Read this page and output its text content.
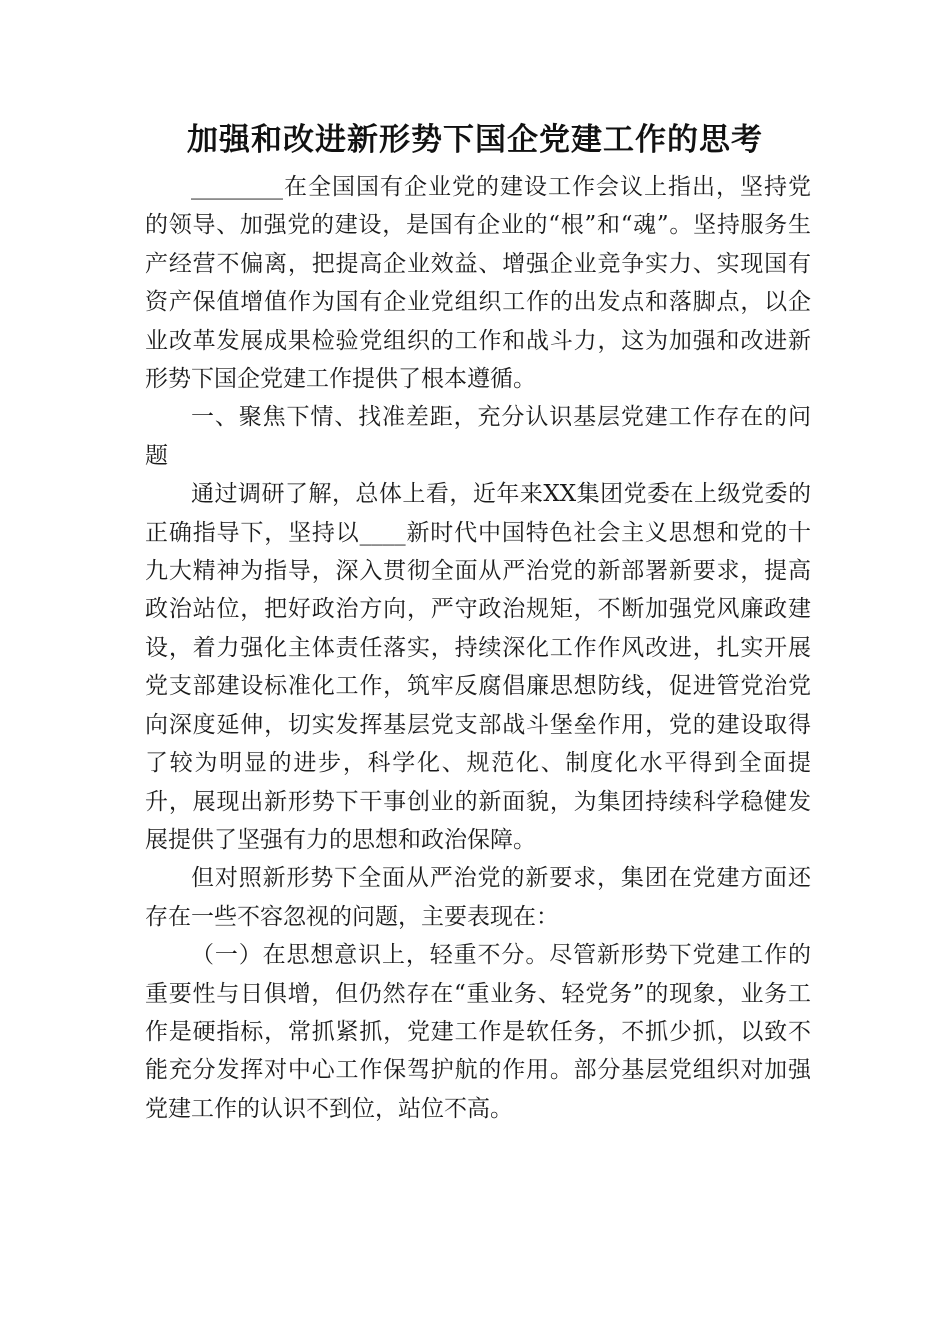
加强和改进新形势下国企党建工作的思考

________在全国国有企业党的建设工作会议上指出，坚持党的领导、加强党的建设，是国有企业的“根”和“魂”。坚持服务生产经营不偏离，把提高企业效益、增强企业竞争实力、实现国有资产保值增值作为国有企业党组织工作的出发点和落脚点，以企业改革发展成果检验党组织的工作和战斗力，这为加强和改进新形势下国企党建工作提供了根本遵循。

一、聚焦下情、找准差距，充分认识基层党建工作存在的问题

通过调研了解，总体上看，近年来XX集团党委在上级党委的正确指导下，坚持以____新时代中国特色社会主义思想和党的十九大精神为指导，深入贯彻全面从严治党的新部署新要求，提高政治站位，把好政治方向，严守政治规矩，不断加强党风廉政建设，着力强化主体责任落实，持续深化工作作风改进，扎实开展党支部建设标准化工作，筑牢反腐倡廉思想防线，促进管党治党向深度延伸，切实发挥基层党支部战斗堡垒作用，党的建设取得了较为明显的进步，科学化、规范化、制度化水平得到全面提升，展现出新形势下干事创业的新面貌，为集团持续科学稳健发展提供了坚强有力的思想和政治保障。

但对照新形势下全面从严治党的新要求，集团在党建方面还存在一些不容忽视的问题，主要表现在：

（一）在思想意识上，轻重不分。尽管新形势下党建工作的重要性与日俱增，但仍然存在“重业务、轻党务”的现象，业务工作是硬指标，常抓紧抓，党建工作是软任务，不抓少抓，以致不能充分发挥对中心工作保驾护航的作用。部分基层党组织对加强党建工作的认识不到位，站位不高。
